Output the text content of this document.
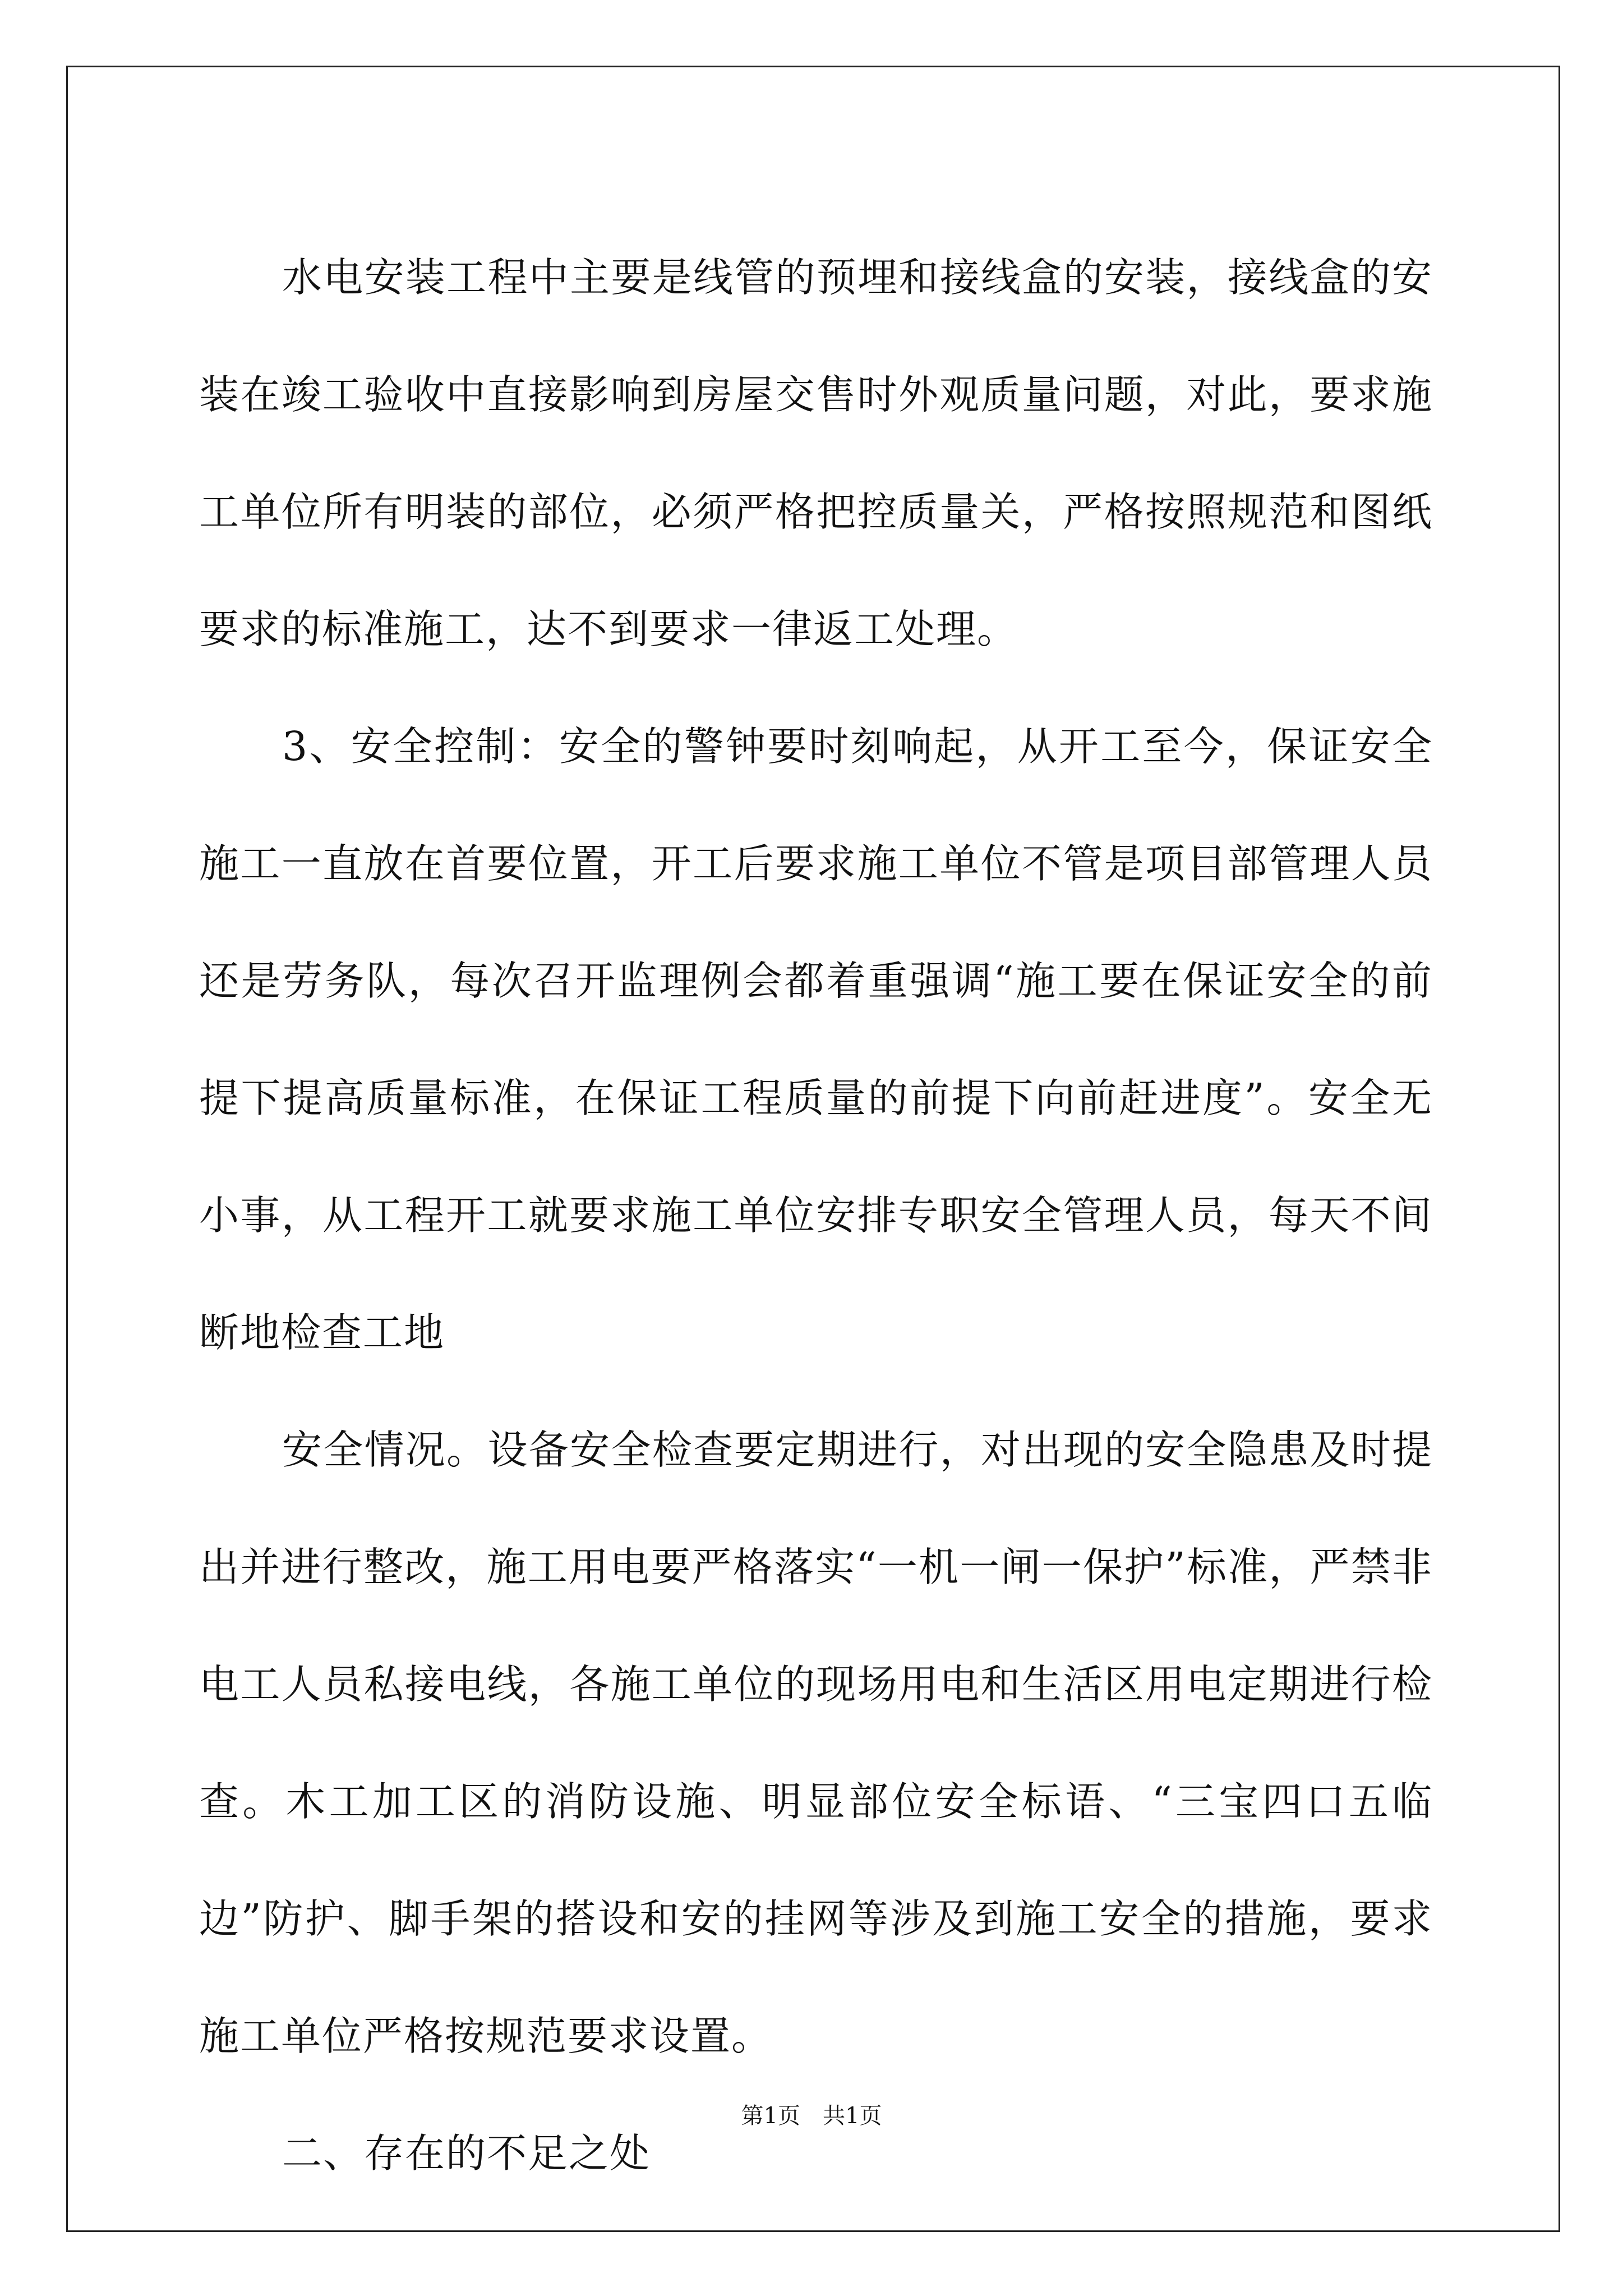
水电安装工程中主要是线管的预埋和接线盒的安装，接线盒的安装在竣工验收中直接影响到房屋交售时外观质量问题，对此，要求施工单位所有明装的部位，必须严格把控质量关，严格按照规范和图纸要求的标准施工，达不到要求一律返工处理。

3、安全控制：安全的警钟要时刻响起，从开工至今，保证安全施工一直放在首要位置，开工后要求施工单位不管是项目部管理人员还是劳务队，每次召开监理例会都着重强调“施工要在保证安全的前提下提高质量标准，在保证工程质量的前提下向前赶进度”。安全无小事，从工程开工就要求施工单位安排专职安全管理人员，每天不间断地检查工地

安全情况。设备安全检查要定期进行，对出现的安全隐患及时提出并进行整改，施工用电要严格落实“一机一闸一保护”标准，严禁非电工人员私接电线，各施工单位的现场用电和生活区用电定期进行检查。木工加工区的消防设施、明显部位安全标语、“三宝四口五临边”防护、脚手架的搭设和安的挂网等涉及到施工安全的措施，要求施工单位严格按规范要求设置。

二、存在的不足之处

第1页 共1页
